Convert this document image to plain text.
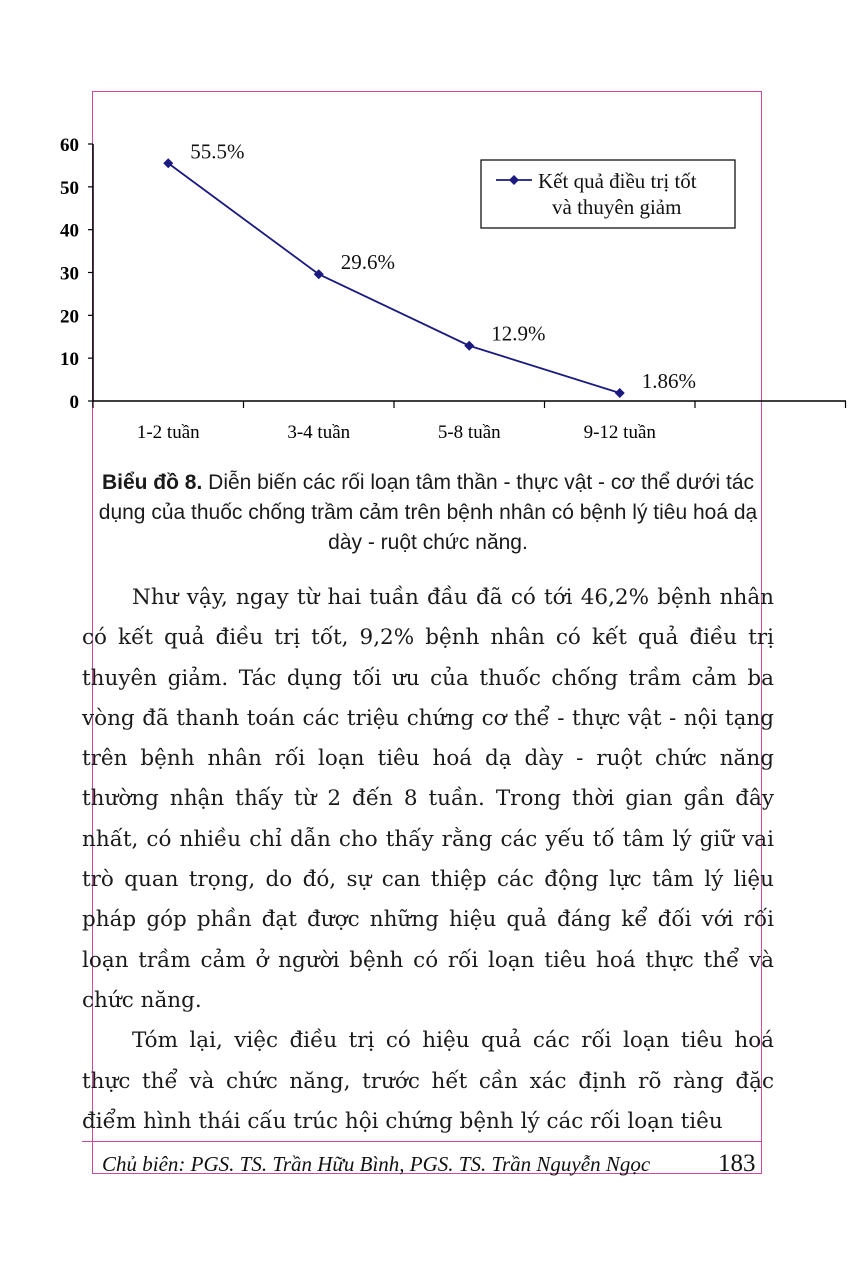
0
10
20
30
40
50
60
1-2 tuần	3-4 tuần	5-8 tuần	9-12 tuần
55.5%
29.6%
12.9%
1.86%
Kết quả điều trị tốt và thuyên giảm
Biểu đồ 8. Diễn biến các rối loạn tâm thần - thực vật - cơ thể dưới tác dụng của thuốc chống trầm cảm trên bệnh nhân có bệnh lý tiêu hoá dạ dày - ruột chức năng.

Như vậy, ngay từ hai tuần đầu đã có tới 46,2% bệnh nhân có kết quả điều trị tốt, 9,2% bệnh nhân có kết quả điều trị thuyên giảm. Tác dụng tối ưu của thuốc chống trầm cảm ba vòng đã thanh toán các triệu chứng cơ thể - thực vật - nội tạng trên bệnh nhân rối loạn tiêu hoá dạ dày - ruột chức năng thường nhận thấy từ 2 đến 8 tuần. Trong thời gian gần đây nhất, có nhiều chỉ dẫn cho thấy rằng các yếu tố tâm lý giữ vai trò quan trọng, do đó, sự can thiệp các động lực tâm lý liệu pháp góp phần đạt được những hiệu quả đáng kể đối với rối loạn trầm cảm ở người bệnh có rối loạn tiêu hoá thực thể và chức năng.

Tóm lại, việc điều trị có hiệu quả các rối loạn tiêu hoá thực thể và chức năng, trước hết cần xác định rõ ràng đặc điểm hình thái cấu trúc hội chứng bệnh lý các rối loạn tiêu

Chủ biên: PGS. TS. Trần Hữu Bình, PGS. TS. Trần Nguyễn Ngọc	183
